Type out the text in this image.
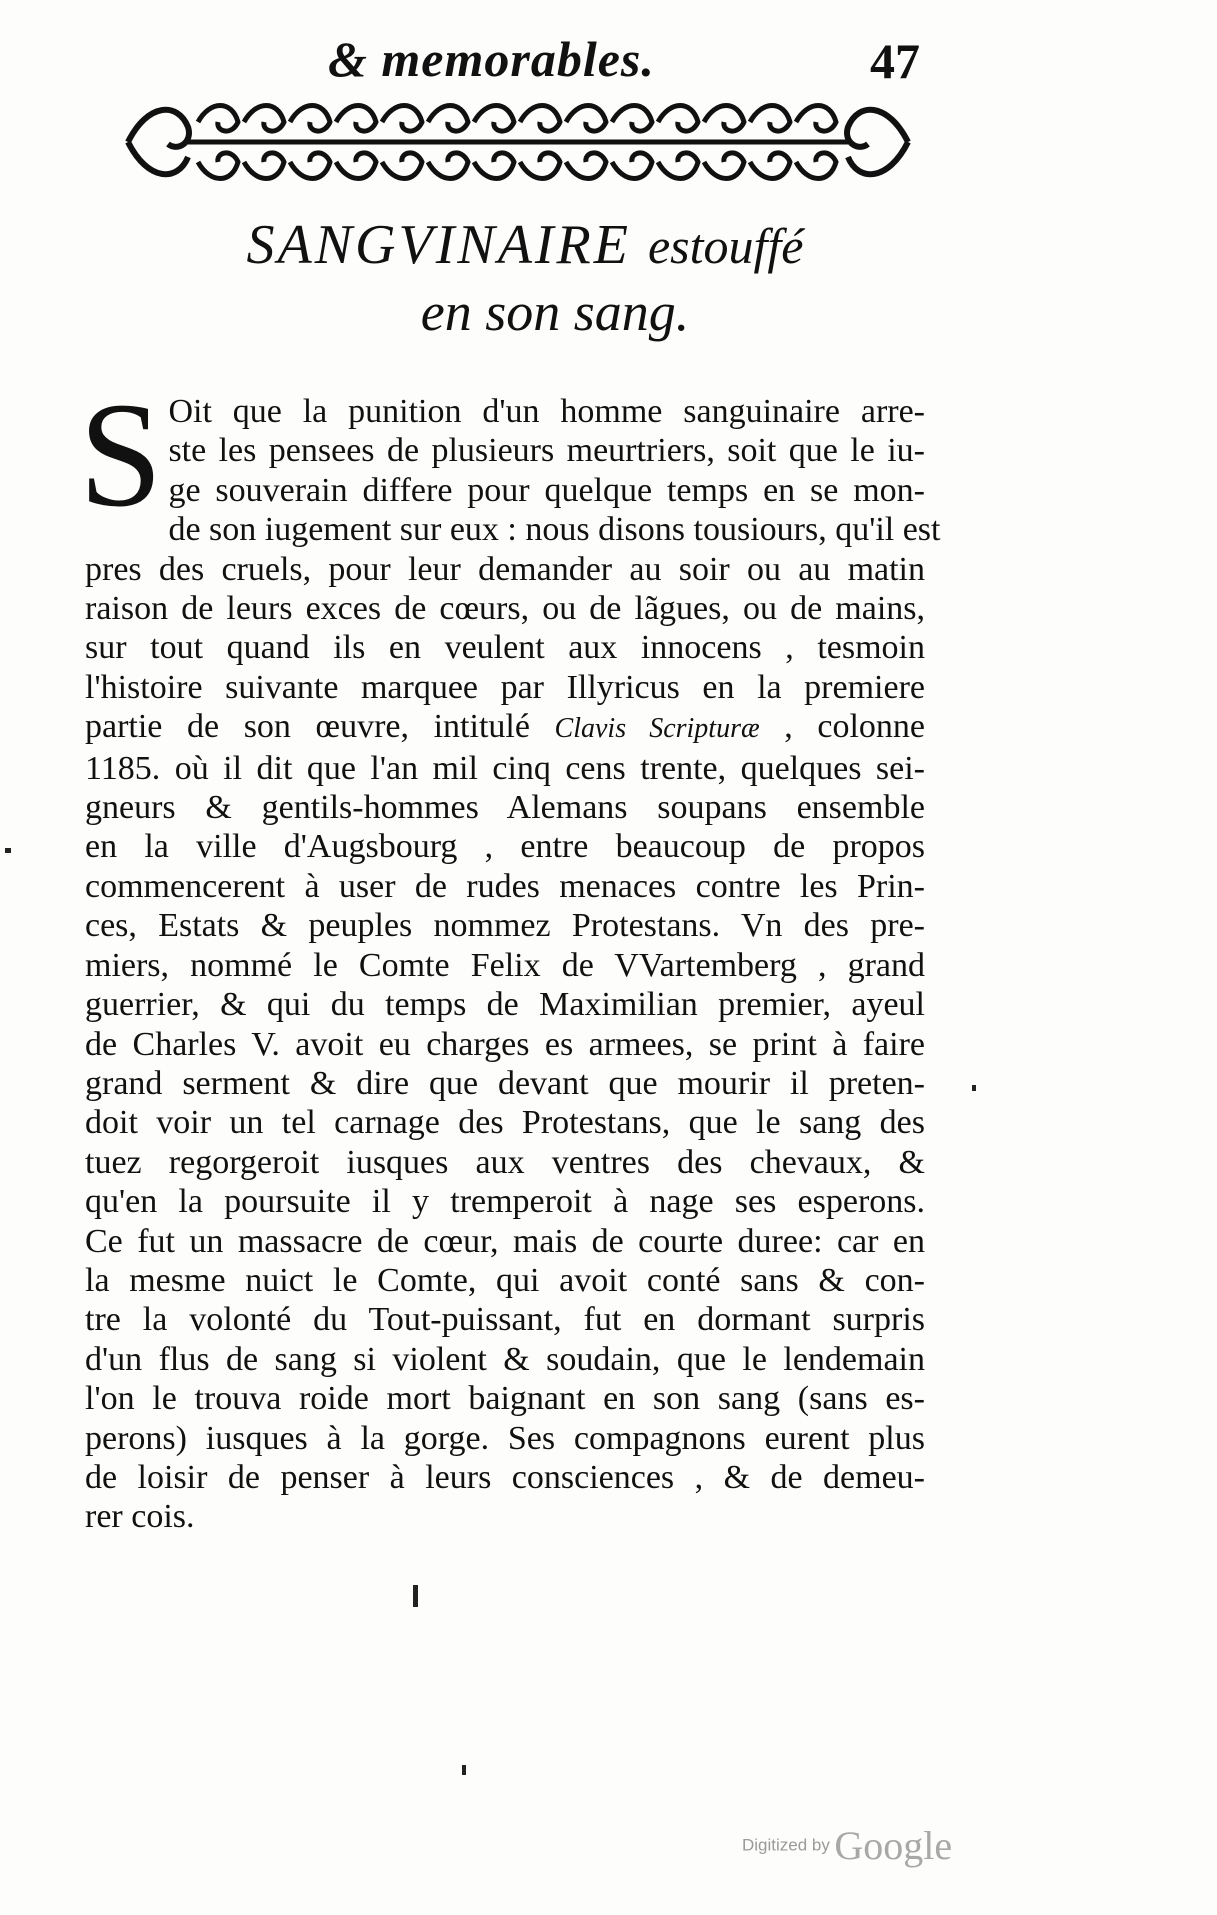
& memorables.	47
SANGVINAIRE estouffé
en son sang.
S Oit que la punition d'un homme sanguinaire arre-
ste les pensees de plusieurs meurtriers, soit que le iu-
ge souverain differe pour quelque temps en se mon-
de son iugement sur eux : nous disons tousiours, qu'il est
pres des cruels, pour leur demander au soir ou au matin
raison de leurs exces de cœurs, ou de lãgues, ou de mains,
sur tout quand ils en veulent aux innocens , tesmoin
l'histoire suivante marquee par Illyricus en la premiere
partie de son œuvre, intitulé Clavis Scripturæ , colonne
1185. où il dit que l'an mil cinq cens trente, quelques sei-
gneurs & gentils-hommes Alemans soupans ensemble
en la ville d'Augsbourg , entre beaucoup de propos
commencerent à user de rudes menaces contre les Prin-
ces, Estats & peuples nommez Protestans. Vn des pre-
miers, nommé le Comte Felix de VVartemberg , grand
guerrier, & qui du temps de Maximilian premier, ayeul
de Charles V. avoit eu charges es armees, se print à faire
grand serment & dire que devant que mourir il preten-
doit voir un tel carnage des Protestans, que le sang des
tuez regorgeroit iusques aux ventres des chevaux, &
qu'en la poursuite il y tremperoit à nage ses esperons.
Ce fut un massacre de cœur, mais de courte duree: car en
la mesme nuict le Comte, qui avoit conté sans & con-
tre la volonté du Tout-puissant, fut en dormant surpris
d'un flus de sang si violent & soudain, que le lendemain
l'on le trouva roide mort baignant en son sang (sans es-
perons) iusques à la gorge. Ses compagnons eurent plus
de loisir de penser à leurs consciences , & de demeu-
rer cois.
Digitized by Google
